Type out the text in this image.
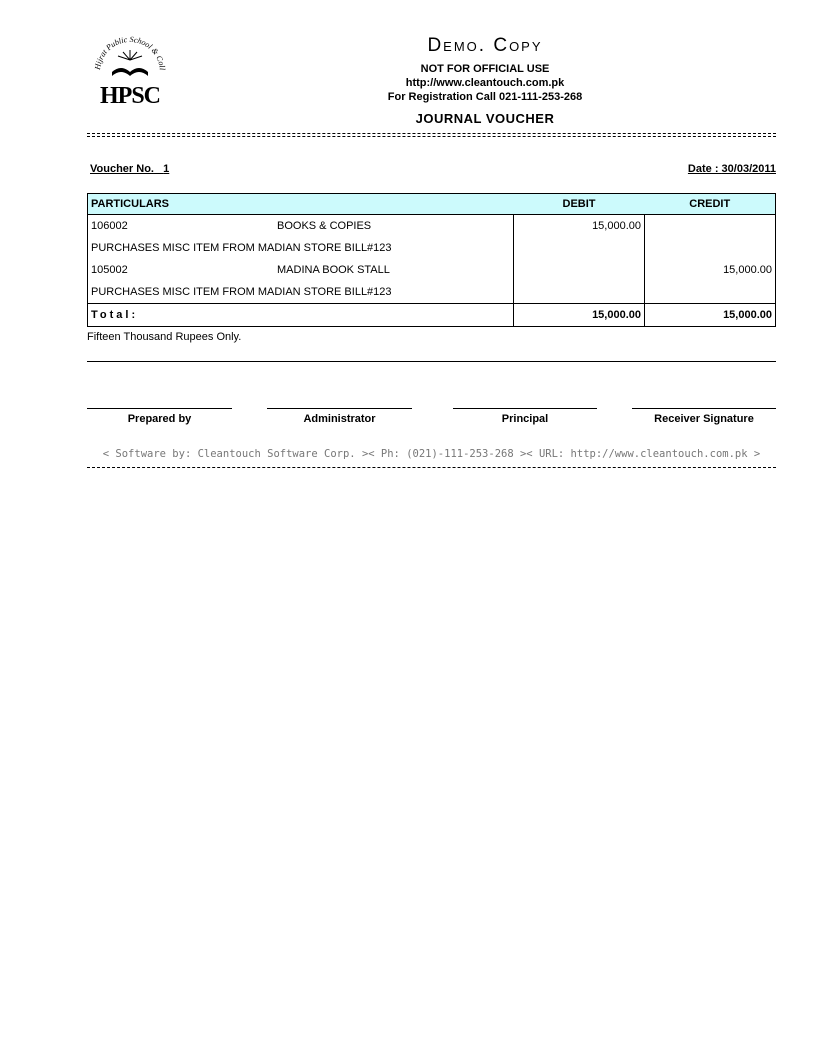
Hijrat Public School & Coll
HPSC
Demo. Copy
NOT FOR OFFICIAL USE
http://www.cleantouch.com.pk
For Registration Call 021-111-253-268
JOURNAL VOUCHER
Voucher No. 1	Date : 30/03/2011
PARTICULARS	DEBIT	CREDIT
106002 BOOKS & COPIES	15,000.00	
PURCHASES MISC ITEM FROM MADIAN STORE BILL#123		
105002 MADINA BOOK STALL		15,000.00
PURCHASES MISC ITEM FROM MADIAN STORE BILL#123		
Total:	15,000.00	15,000.00
Fifteen Thousand Rupees Only.
Prepared by	Administrator	Principal	Receiver Signature
< Software by: Cleantouch Software Corp. >< Ph: (021)-111-253-268 >< URL: http://www.cleantouch.com.pk >
